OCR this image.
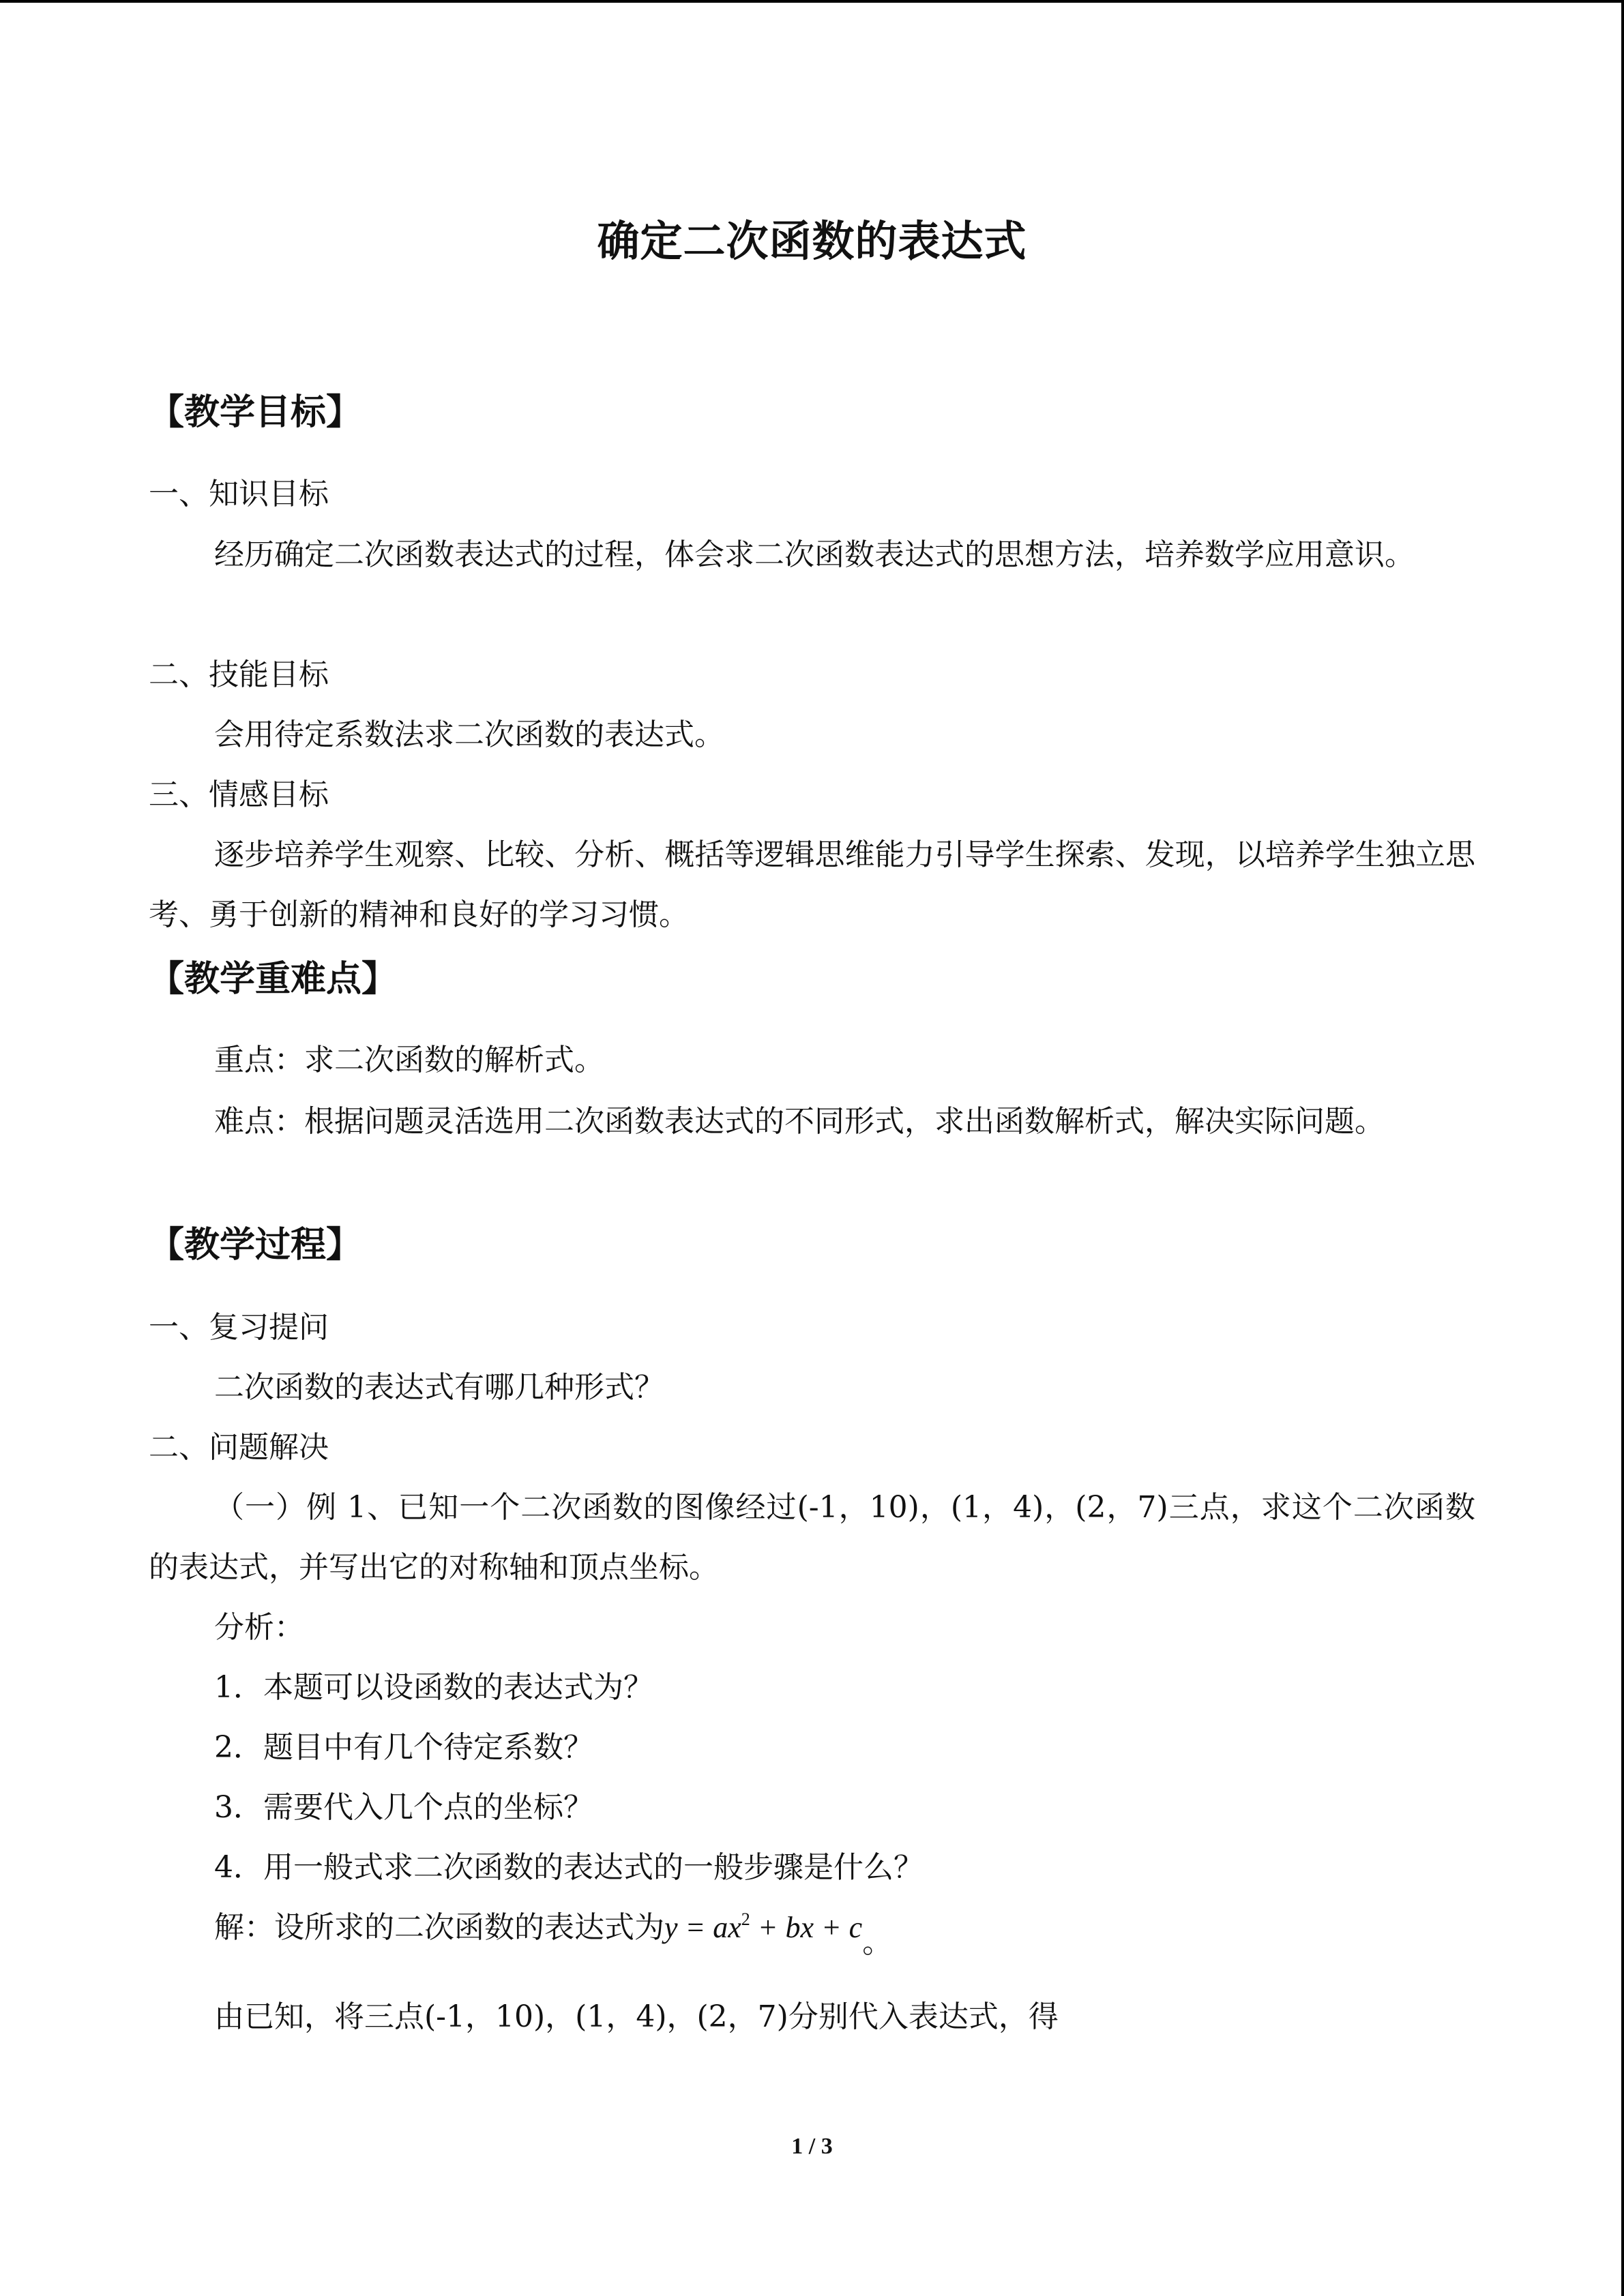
确定二次函数的表达式
【教学目标】
一、知识目标
经历确定二次函数表达式的过程，体会求二次函数表达式的思想方法，培养数学应用意识。
二、技能目标
会用待定系数法求二次函数的表达式。
三、情感目标
逐步培养学生观察、比较、分析、概括等逻辑思维能力引导学生探索、发现，以培养学生独立思考、勇于创新的精神和良好的学习习惯。
【教学重难点】
重点：求二次函数的解析式。
难点：根据问题灵活选用二次函数表达式的不同形式，求出函数解析式，解决实际问题。
【教学过程】
一、复习提问
二次函数的表达式有哪几种形式？
二、问题解决
（一）例 1、已知一个二次函数的图像经过(-1，10)，(1，4)，(2，7)三点，求这个二次函数的表达式，并写出它的对称轴和顶点坐标。
分析：
1．本题可以设函数的表达式为？
2．题目中有几个待定系数？
3．需要代入几个点的坐标？
4．用一般式求二次函数的表达式的一般步骤是什么？
解：设所求的二次函数的表达式为$y = ax^2$ + bx + c。
由已知，将三点(-1，10)，(1，4)，(2，7)分别代入表达式，得
1 / 3
